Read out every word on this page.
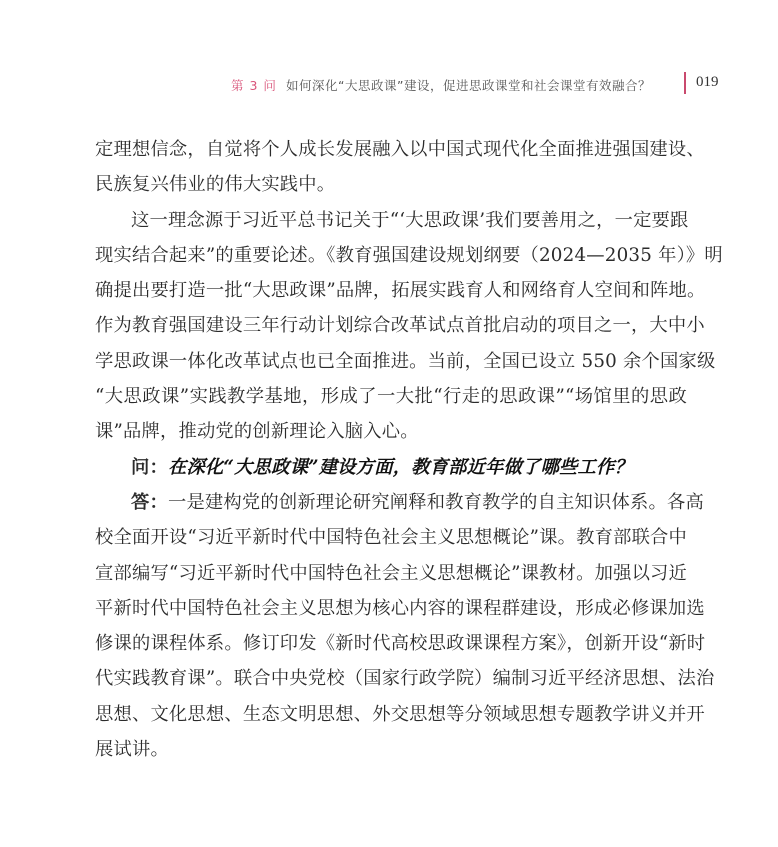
第 3 问 如何深化“大思政课”建设，促进思政课堂和社会课堂有效融合？	019
定理想信念，自觉将个人成长发展融入以中国式现代化全面推进强国建设、
民族复兴伟业的伟大实践中。
这一理念源于习近平总书记关于“‘大思政课’我们要善用之，一定要跟
现实结合起来”的重要论述。《教育强国建设规划纲要（2024—2035 年）》明
确提出要打造一批“大思政课”品牌，拓展实践育人和网络育人空间和阵地。
作为教育强国建设三年行动计划综合改革试点首批启动的项目之一，大中小
学思政课一体化改革试点也已全面推进。当前，全国已设立 550 余个国家级
“大思政课”实践教学基地，形成了一大批“行走的思政课”“场馆里的思政
课”品牌，推动党的创新理论入脑入心。
问：在深化“大思政课”建设方面，教育部近年做了哪些工作？
答：一是建构党的创新理论研究阐释和教育教学的自主知识体系。各高
校全面开设“习近平新时代中国特色社会主义思想概论”课。教育部联合中
宣部编写“习近平新时代中国特色社会主义思想概论”课教材。加强以习近
平新时代中国特色社会主义思想为核心内容的课程群建设，形成必修课加选
修课的课程体系。修订印发《新时代高校思政课课程方案》，创新开设“新时
代实践教育课”。联合中央党校（国家行政学院）编制习近平经济思想、法治
思想、文化思想、生态文明思想、外交思想等分领域思想专题教学讲义并开
展试讲。
